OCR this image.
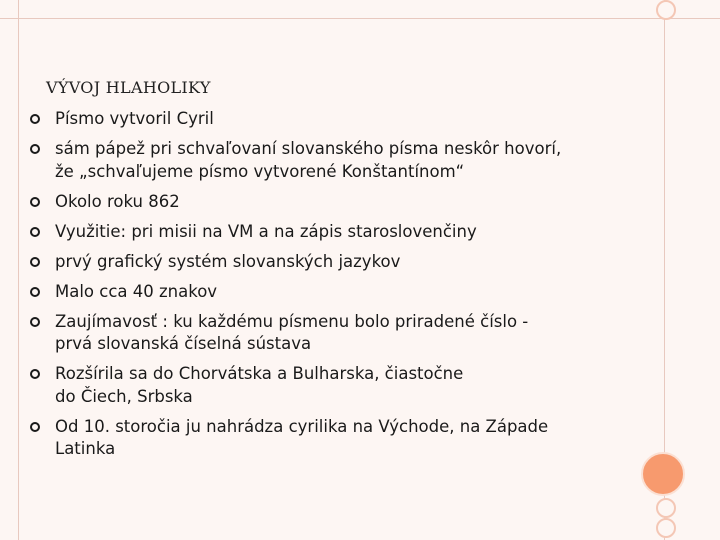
VÝVOJ HLAHOLIKY
Písmo vytvoril Cyril
sám pápež pri schvaľovaní slovanského písma neskôr hovorí,
že „schvaľujeme písmo vytvorené Konštantínom“
Okolo roku 862
Využitie: pri misii na VM a na zápis staroslovenčiny
prvý grafický systém slovanských jazykov
Malo cca 40 znakov
Zaujímavosť : ku každému písmenu bolo priradené číslo -
prvá slovanská číselná sústava
Rozšírila sa do Chorvátska a Bulharska, čiastočne
do Čiech, Srbska
Od 10. storočia ju nahrádza cyrilika na Východe, na Západe
Latinka
